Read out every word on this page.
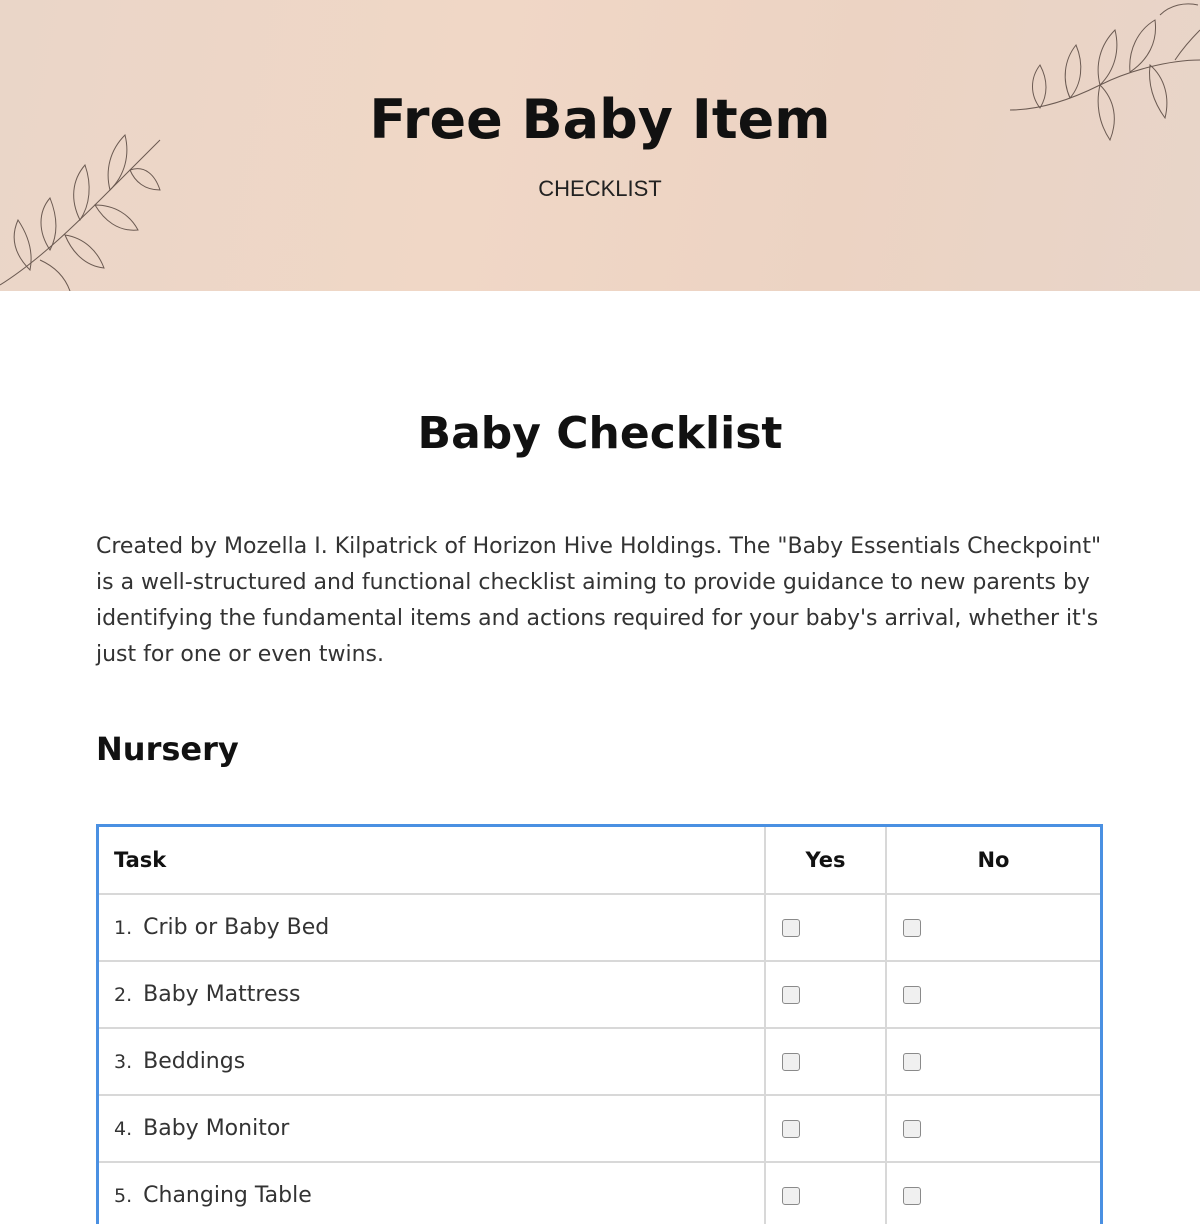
Free Baby Item
CHECKLIST
Baby Checklist
Created by Mozella I. Kilpatrick of Horizon Hive Holdings. The "Baby Essentials Checkpoint" is a well-structured and functional checklist aiming to provide guidance to new parents by identifying the fundamental items and actions required for your baby's arrival, whether it's just for one or even twins.
Nursery
Task	Yes	No
1. Crib or Baby Bed		
2. Baby Mattress		
3. Beddings		
4. Baby Monitor		
5. Changing Table		
